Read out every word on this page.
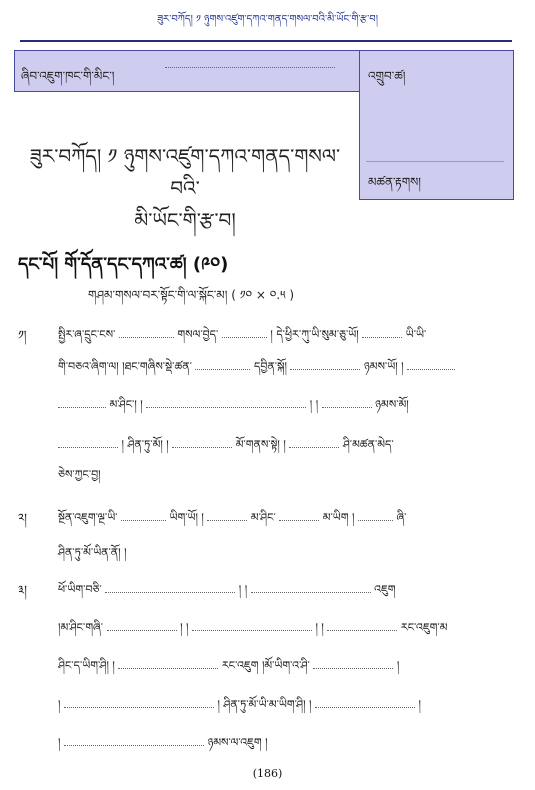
ཟུར་བཀོད། ༡ ཉུགས་འཛུག་དཀའ་གནད་གསལ་བའི་མི་ཡོང་གི་རྩ་བ།
ཞིབ་འཇུག་ཁང་གི་མིང་།	འགྲུབ་ཚ།
མཚན་རྟགས།
ཟུར་བཀོད། ༡ ཉུགས་འཛུག་དཀའ་གནད་གསལ་བའི་
མི་ཡོང་གི་རྩ་བ།
དང་པོ། གོ་དོན་དང་དཀའ་ཚ། (༩༠)
གཤམ་གསལ་བར་སྟོང་གི་ལ་སྐོང་མ། ( ༡༠ × ༠.༥ )
༡།	སྤྱིར་ཞ་དྲུང་ངས་	གསལ་བྱེད་	། དེ་ཕྱིར་ཀུ་ཡི་སུམ་ཅུ་ཡོ།	ཡི་ཡི་
གི་བཅའ་ཞིག་ལ། །ཐང་གཞིས་སྡེ་ཚན་	དབྱིན་སྐོ།	ཉམས་ཡོ། །
མ་ཤིང་། །	། །	ཉམས་མོ།
། ཤིན་ཏུ་མོ། །	མོ་གནས་སྟེ། །	ཤི་མཚན་མེད་
ཅེས་ཀྱང་བྱ།
༢།	སྔོན་འཇུག་ལྔ་ཡི་	ཡིག་ཡོ། །	མ་ཤིང་	མ་ཡིག །	ཞི་
ཤིན་ཏུ་མོ་ཡིན་ནོ། །
༣།	ཕོ་ཡིག་བཅི་	། །	འཇུག
།མ་ཤིང་གཞི་	། །	། །	རང་འཇུག་མ
ཤིང་ད་ཡིག་ཤི། །	རང་འཇུག །མོ་ཡིག་འ་ཤི་	།
།	། ཤིན་ཏུ་མོ་ཡི་མ་ཡིག་ཤི། །	།
།	ཉམས་ལ་འཇུག །
(186)
